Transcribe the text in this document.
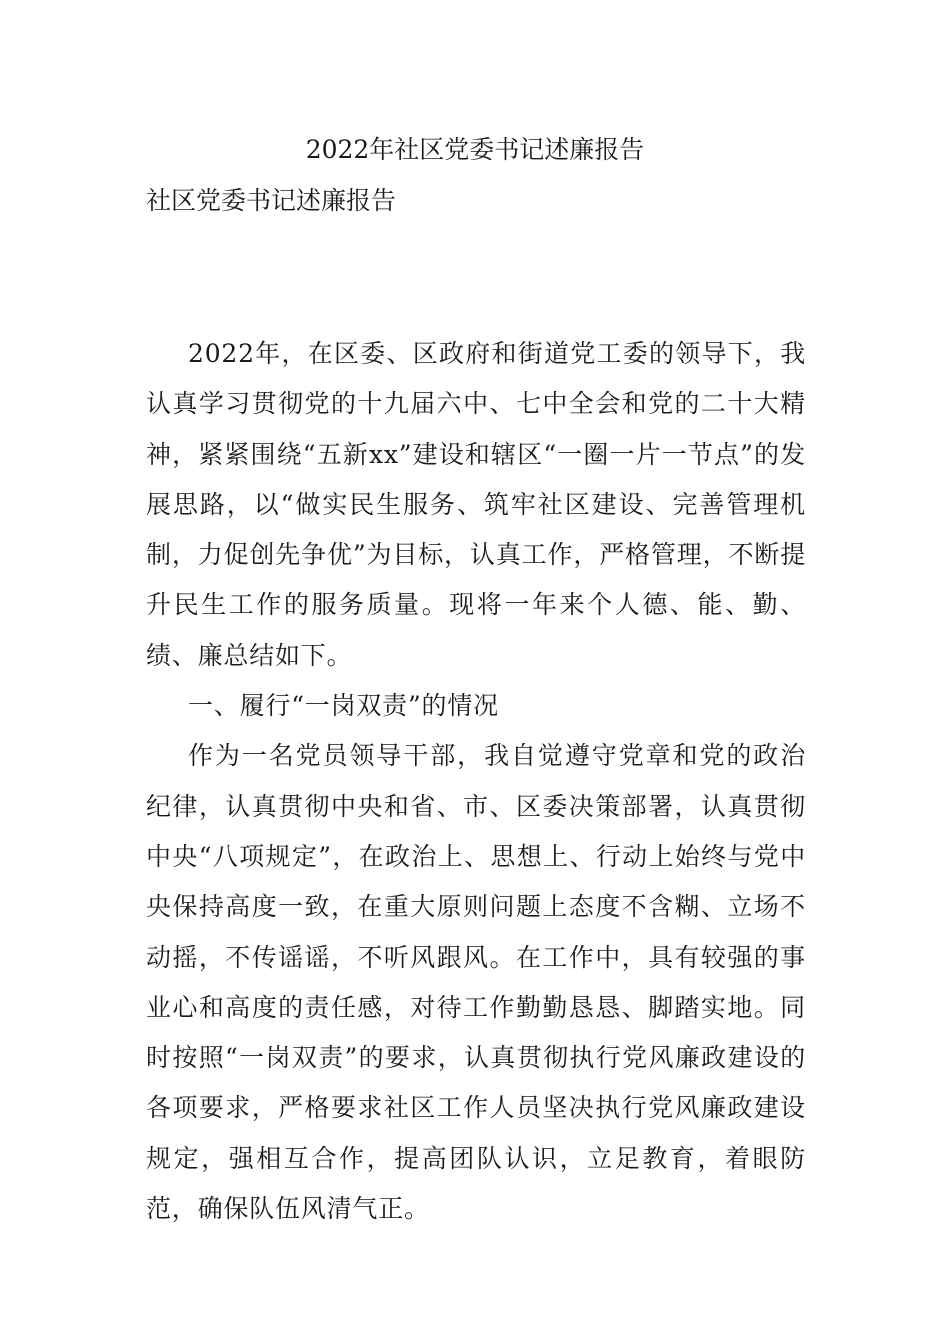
2022年社区党委书记述廉报告

社区党委书记述廉报告

2022年，在区委、区政府和街道党工委的领导下，我认真学习贯彻党的十九届六中、七中全会和党的二十大精神，紧紧围绕“五新xx”建设和辖区“一圈一片一节点”的发展思路，以“做实民生服务、筑牢社区建设、完善管理机制，力促创先争优”为目标，认真工作，严格管理，不断提升民生工作的服务质量。现将一年来个人德、能、勤、绩、廉总结如下。

一、履行“一岗双责”的情况

作为一名党员领导干部，我自觉遵守党章和党的政治纪律，认真贯彻中央和省、市、区委决策部署，认真贯彻中央“八项规定”，在政治上、思想上、行动上始终与党中央保持高度一致，在重大原则问题上态度不含糊、立场不动摇，不传谣谣，不听风跟风。在工作中，具有较强的事业心和高度的责任感，对待工作勤勤恳恳、脚踏实地。同时按照“一岗双责”的要求，认真贯彻执行党风廉政建设的各项要求，严格要求社区工作人员坚决执行党风廉政建设规定，强相互合作，提高团队认识，立足教育，着眼防范，确保队伍风清气正。
